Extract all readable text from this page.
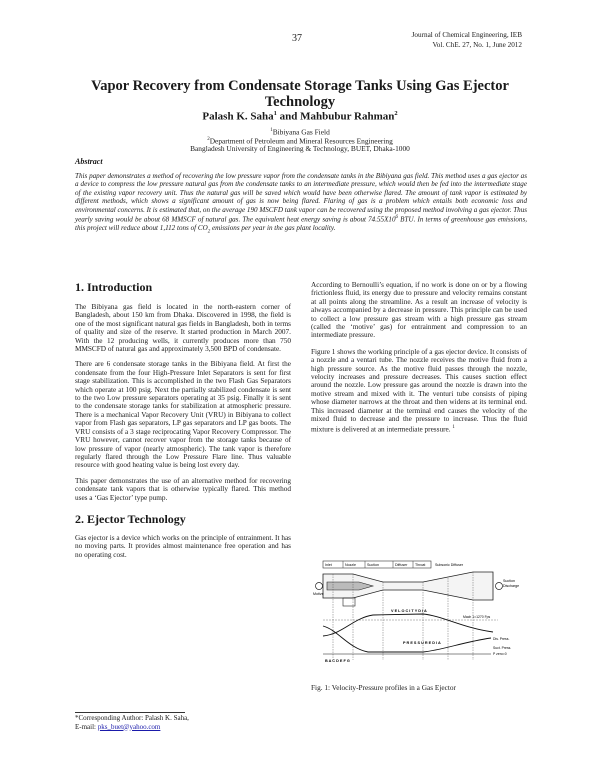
37	Journal of Chemical Engineering, IEB
Vol. ChE. 27, No. 1, June 2012
Vapor Recovery from Condensate Storage Tanks Using Gas Ejector Technology
Palash K. Saha$^1$ and Mahbubur Rahman$^2$
$^1$Bibiyana Gas Field
$^2$Department of Petroleum and Mineral Resources Engineering
Bangladesh University of Engineering & Technology, BUET, Dhaka-1000
Abstract

This paper demonstrates a method of recovering the low pressure vapor from the condensate tanks in the Bibiyana gas field. This method uses a gas ejector as a device to compress the low pressure natural gas from the condensate tanks to an intermediate pressure, which would then be fed into the intermediate stage of the existing vapor recovery unit. Thus the natural gas will be saved which would have been otherwise flared. The amount of tank vapor is estimated by different methods, which shows a significant amount of gas is now being flared. Flaring of gas is a problem which entails both economic loss and environmental concerns. It is estimated that, on the average 190 MSCFD tank vapor can be recovered using the proposed method involving a gas ejector. Thus yearly saving would be about 68 MMSCF of natural gas. The equivalent heat energy saving is about $74.55X10^6$ BTU. In terms of greenhouse gas emissions, this project will reduce about 1,112 tons of $CO_2$ emissions per year in the gas plant locality.

1. Introduction

The Bibiyana gas field is located in the north-eastern corner of Bangladesh, about 150 km from Dhaka. Discovered in 1998, the field is one of the most significant natural gas fields in Bangladesh, both in terms of quality and size of the reserve. It started production in March 2007. With the 12 producing wells, it currently produces more than 750 MMSCFD of natural gas and approximately 3,500 BPD of condensate.

There are 6 condensate storage tanks in the Bibiyana field. At first the condensate from the four High-Pressure Inlet Separators is sent for first stage stabilization. This is accomplished in the two Flash Gas Separators which operate at 100 psig. Next the partially stabilized condensate is sent to the two Low pressure separators operating at 35 psig. Finally it is sent to the condensate storage tanks for stabilization at atmospheric pressure. There is a mechanical Vapor Recovery Unit (VRU) in Bibiyana to collect vapor from Flash gas separators, LP gas separators and LP gas boots. The VRU consists of a 3 stage reciprocating Vapor Recovery Compressor. The VRU however, cannot recover vapor from the storage tanks because of low pressure of vapor (nearly atmospheric). The tank vapor is therefore regularly flared through the Low Pressure Flare line. Thus valuable resource with good heating value is being lost every day.

This paper demonstrates the use of an alternative method for recovering condensate tank vapors that is otherwise typically flared. This method uses a ‘Gas Ejector’ type pump.

2. Ejector Technology

Gas ejector is a device which works on the principle of entrainment. It has no moving parts. It provides almost maintenance free operation and has no operating cost.

According to Bernoulli’s equation, if no work is done on or by a flowing frictionless fluid, its energy due to pressure and velocity remains constant at all points along the streamline. As a result an increase of velocity is always accompanied by a decrease in pressure. This principle can be used to collect a low pressure gas stream with a high pressure gas stream (called the ‘motive’ gas) for entrainment and compression to an intermediate pressure.

Figure 1 shows the working principle of a gas ejector device. It consists of a nozzle and a ventari tube. The nozzle receives the motive fluid from a high pressure source. As the motive fluid passes through the nozzle, velocity increases and pressure decreases. This causes suction effect around the nozzle. Low pressure gas around the nozzle is drawn into the motive stream and mixed with it. The venturi tube consists of piping whose diameter narrows at the throat and then widens at its terminal end. This increased diameter at the terminal end causes the velocity of the mixed fluid to decrease and the pressure to increase. Thus the fluid mixture is delivered at an intermediate pressure. $^1$

Inlet	Nozzle	Suction	Diffuser Throat	Subsonic Diffuser
Motive
Suction
Discharge
V E L O C I T Y D I A
Mach 1=1270 Fps
P R E S S U R E D I A
Dis. Press.
Suct. Press.
P zero=0
B A C D E F G
Fig. 1: Velocity-Pressure profiles in a Gas Ejector
*Corresponding Author: Palash K. Saha,
E-mail: pks_buet@yahoo.com
